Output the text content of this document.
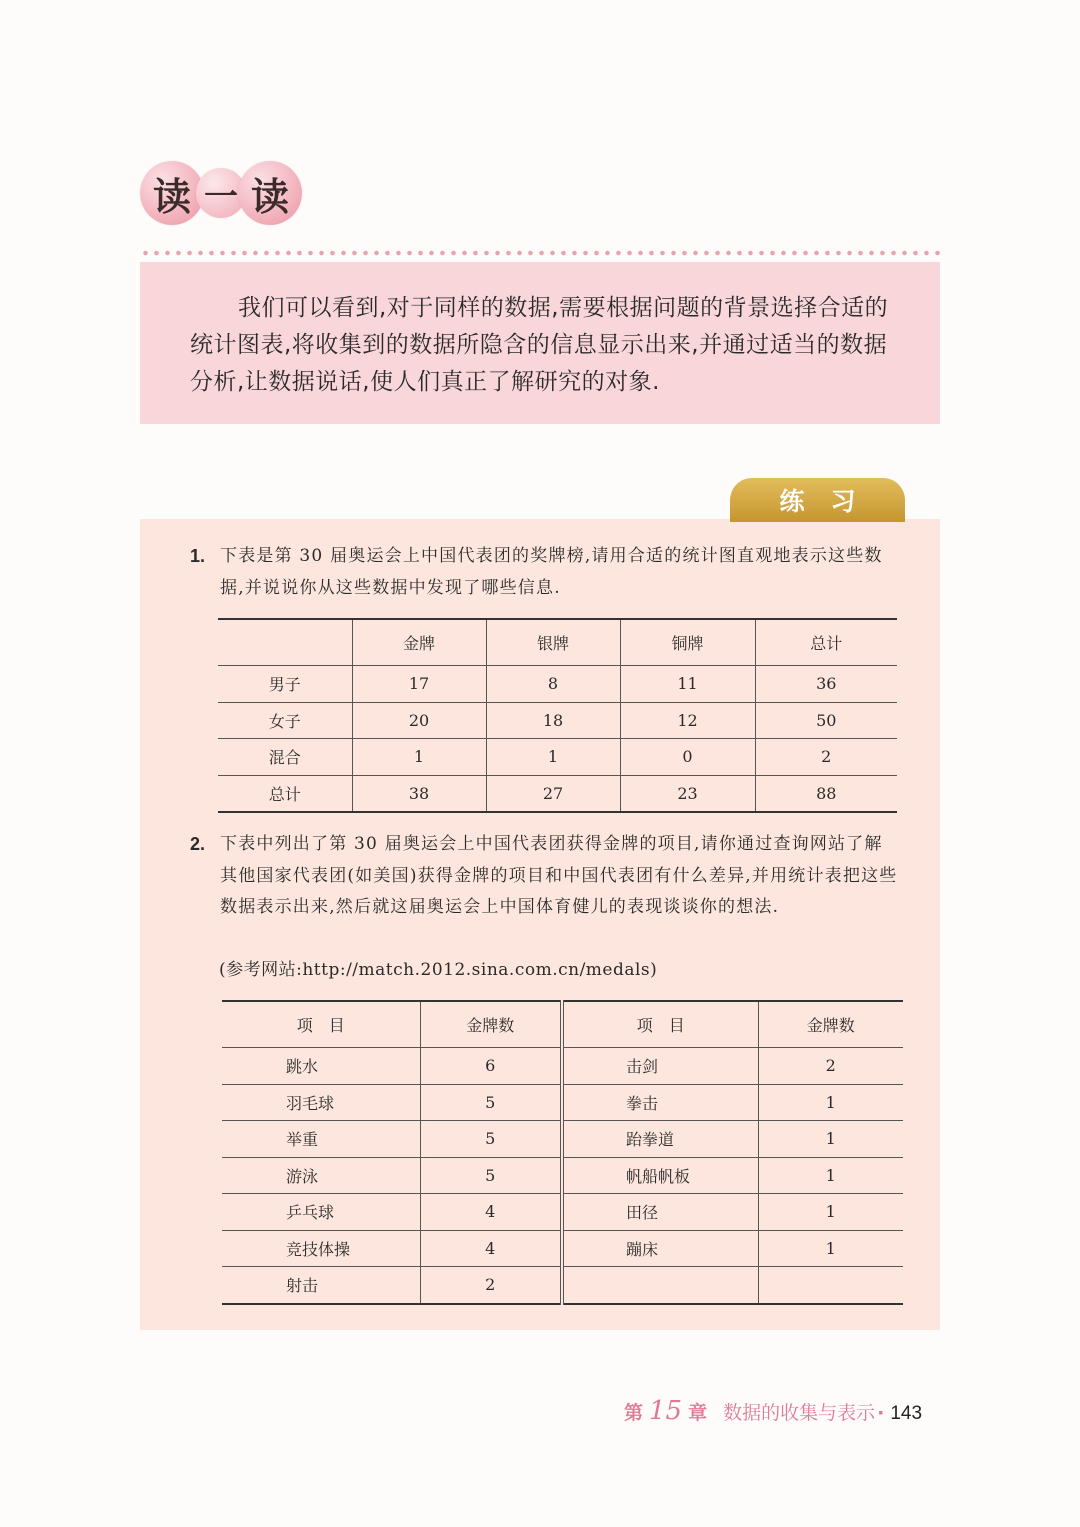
读 一 读
我们可以看到,对于同样的数据,需要根据问题的背景选择合适的统计图表,将收集到的数据所隐含的信息显示出来,并通过适当的数据分析,让数据说话,使人们真正了解研究的对象.
练习
1. 下表是第 30 届奥运会上中国代表团的奖牌榜,请用合适的统计图直观地表示这些数据,并说说你从这些数据中发现了哪些信息.
	金牌	银牌	铜牌	总计
男子	17	8	11	36
女子	20	18	12	50
混合	1	1	0	2
总计	38	27	23	88
2. 下表中列出了第 30 届奥运会上中国代表团获得金牌的项目,请你通过查询网站了解其他国家代表团(如美国)获得金牌的项目和中国代表团有什么差异,并用统计表把这些数据表示出来,然后就这届奥运会上中国体育健儿的表现谈谈你的想法.
(参考网站:http://match.2012.sina.com.cn/medals)
项　目	金牌数	项　目	金牌数
跳水	6	击剑	2
羽毛球	5	拳击	1
举重	5	跆拳道	1
游泳	5	帆船帆板	1
乒乓球	4	田径	1
竞技体操	4	蹦床	1
射击	2		
第 15 章 数据的收集与表示 · 143
